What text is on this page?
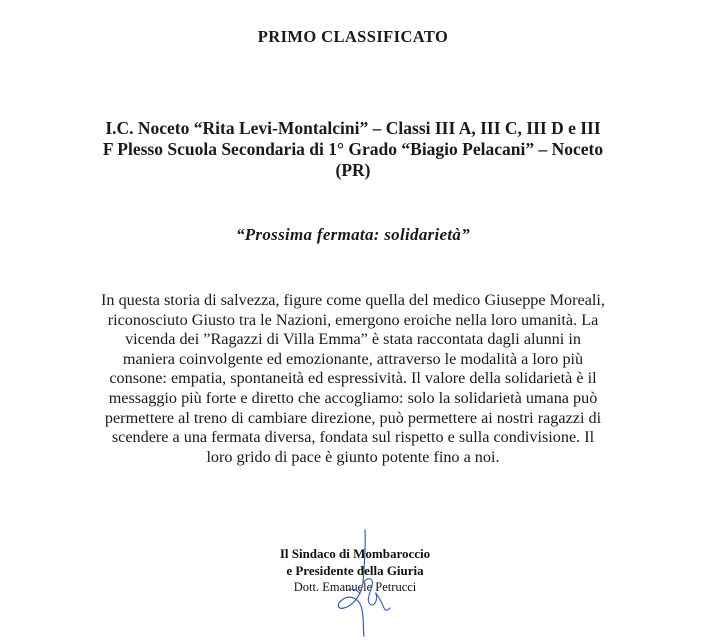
PRIMO CLASSIFICATO
I.C. Noceto “Rita Levi-Montalcini” – Classi III A, III C, III D e III
F Plesso Scuola Secondaria di 1° Grado “Biagio Pelacani” – Noceto
(PR)
“Prossima fermata: solidarietà”
In questa storia di salvezza, figure come quella del medico Giuseppe Moreali,
riconosciuto Giusto tra le Nazioni, emergono eroiche nella loro umanità. La
vicenda dei ”Ragazzi di Villa Emma” è stata raccontata dagli alunni in
maniera coinvolgente ed emozionante, attraverso le modalità a loro più
consone: empatia, spontaneità ed espressività. Il valore della solidarietà è il
messaggio più forte e diretto che accogliamo: solo la solidarietà umana può
permettere al treno di cambiare direzione, può permettere ai nostri ragazzi di
scendere a una fermata diversa, fondata sul rispetto e sulla condivisione. Il
loro grido di pace è giunto potente fino a noi.
Il Sindaco di Mombaroccio
e Presidente della Giuria
Dott. Emanuele Petrucci
